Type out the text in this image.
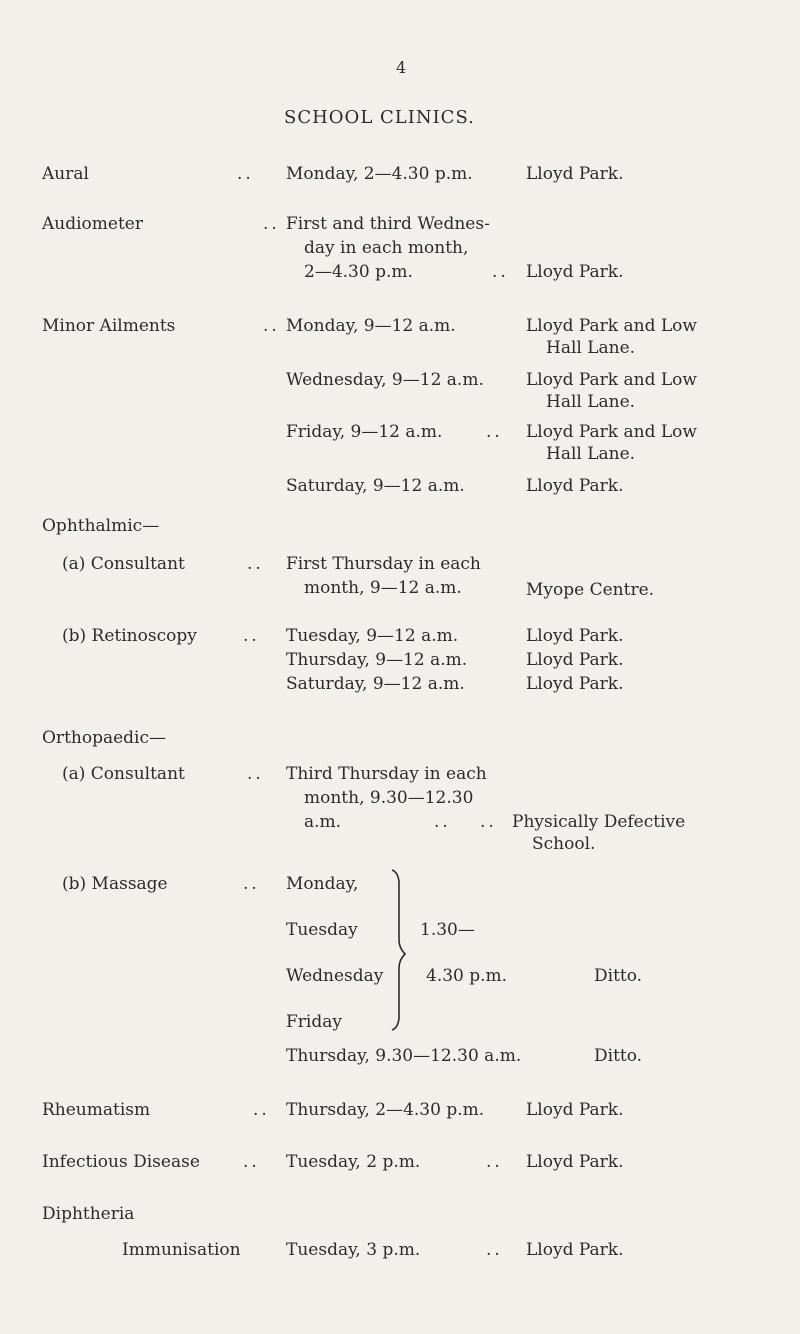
4
SCHOOL CLINICS.
Aural	.. Monday, 2—4.30 p.m.	Lloyd Park.
Audiometer	.. First and third Wednes-
day in each month,
2—4.30 p.m.	.. Lloyd Park.
Minor Ailments	.. Monday, 9—12 a.m.	Lloyd Park and Low
Hall Lane.
Wednesday, 9—12 a.m. Lloyd Park and Low
Hall Lane.
Friday, 9—12 a.m.	.. Lloyd Park and Low
Hall Lane.
Saturday, 9—12 a.m.	Lloyd Park.
Ophthalmic—
(a) Consultant	.. First Thursday in each
month, 9—12 a.m.	Myope Centre.
(b) Retinoscopy	.. Tuesday, 9—12 a.m.	Lloyd Park.
Thursday, 9—12 a.m.	Lloyd Park.
Saturday, 9—12 a.m.	Lloyd Park.
Orthopaedic—
(a) Consultant	.. Third Thursday in each
month, 9.30—12.30
a.m.	.. .. Physically Defective
School.
(b) Massage	.. Monday,
Tuesday
Wednesday
Friday
1.30—
4.30 p.m.	Ditto.
Thursday, 9.30—12.30 a.m.	Ditto.
Rheumatism	.. Thursday, 2—4.30 p.m. Lloyd Park.
Infectious Disease	.. Tuesday, 2 p.m.	.. Lloyd Park.
Diphtheria
Immunisation	Tuesday, 3 p.m.	.. Lloyd Park.
